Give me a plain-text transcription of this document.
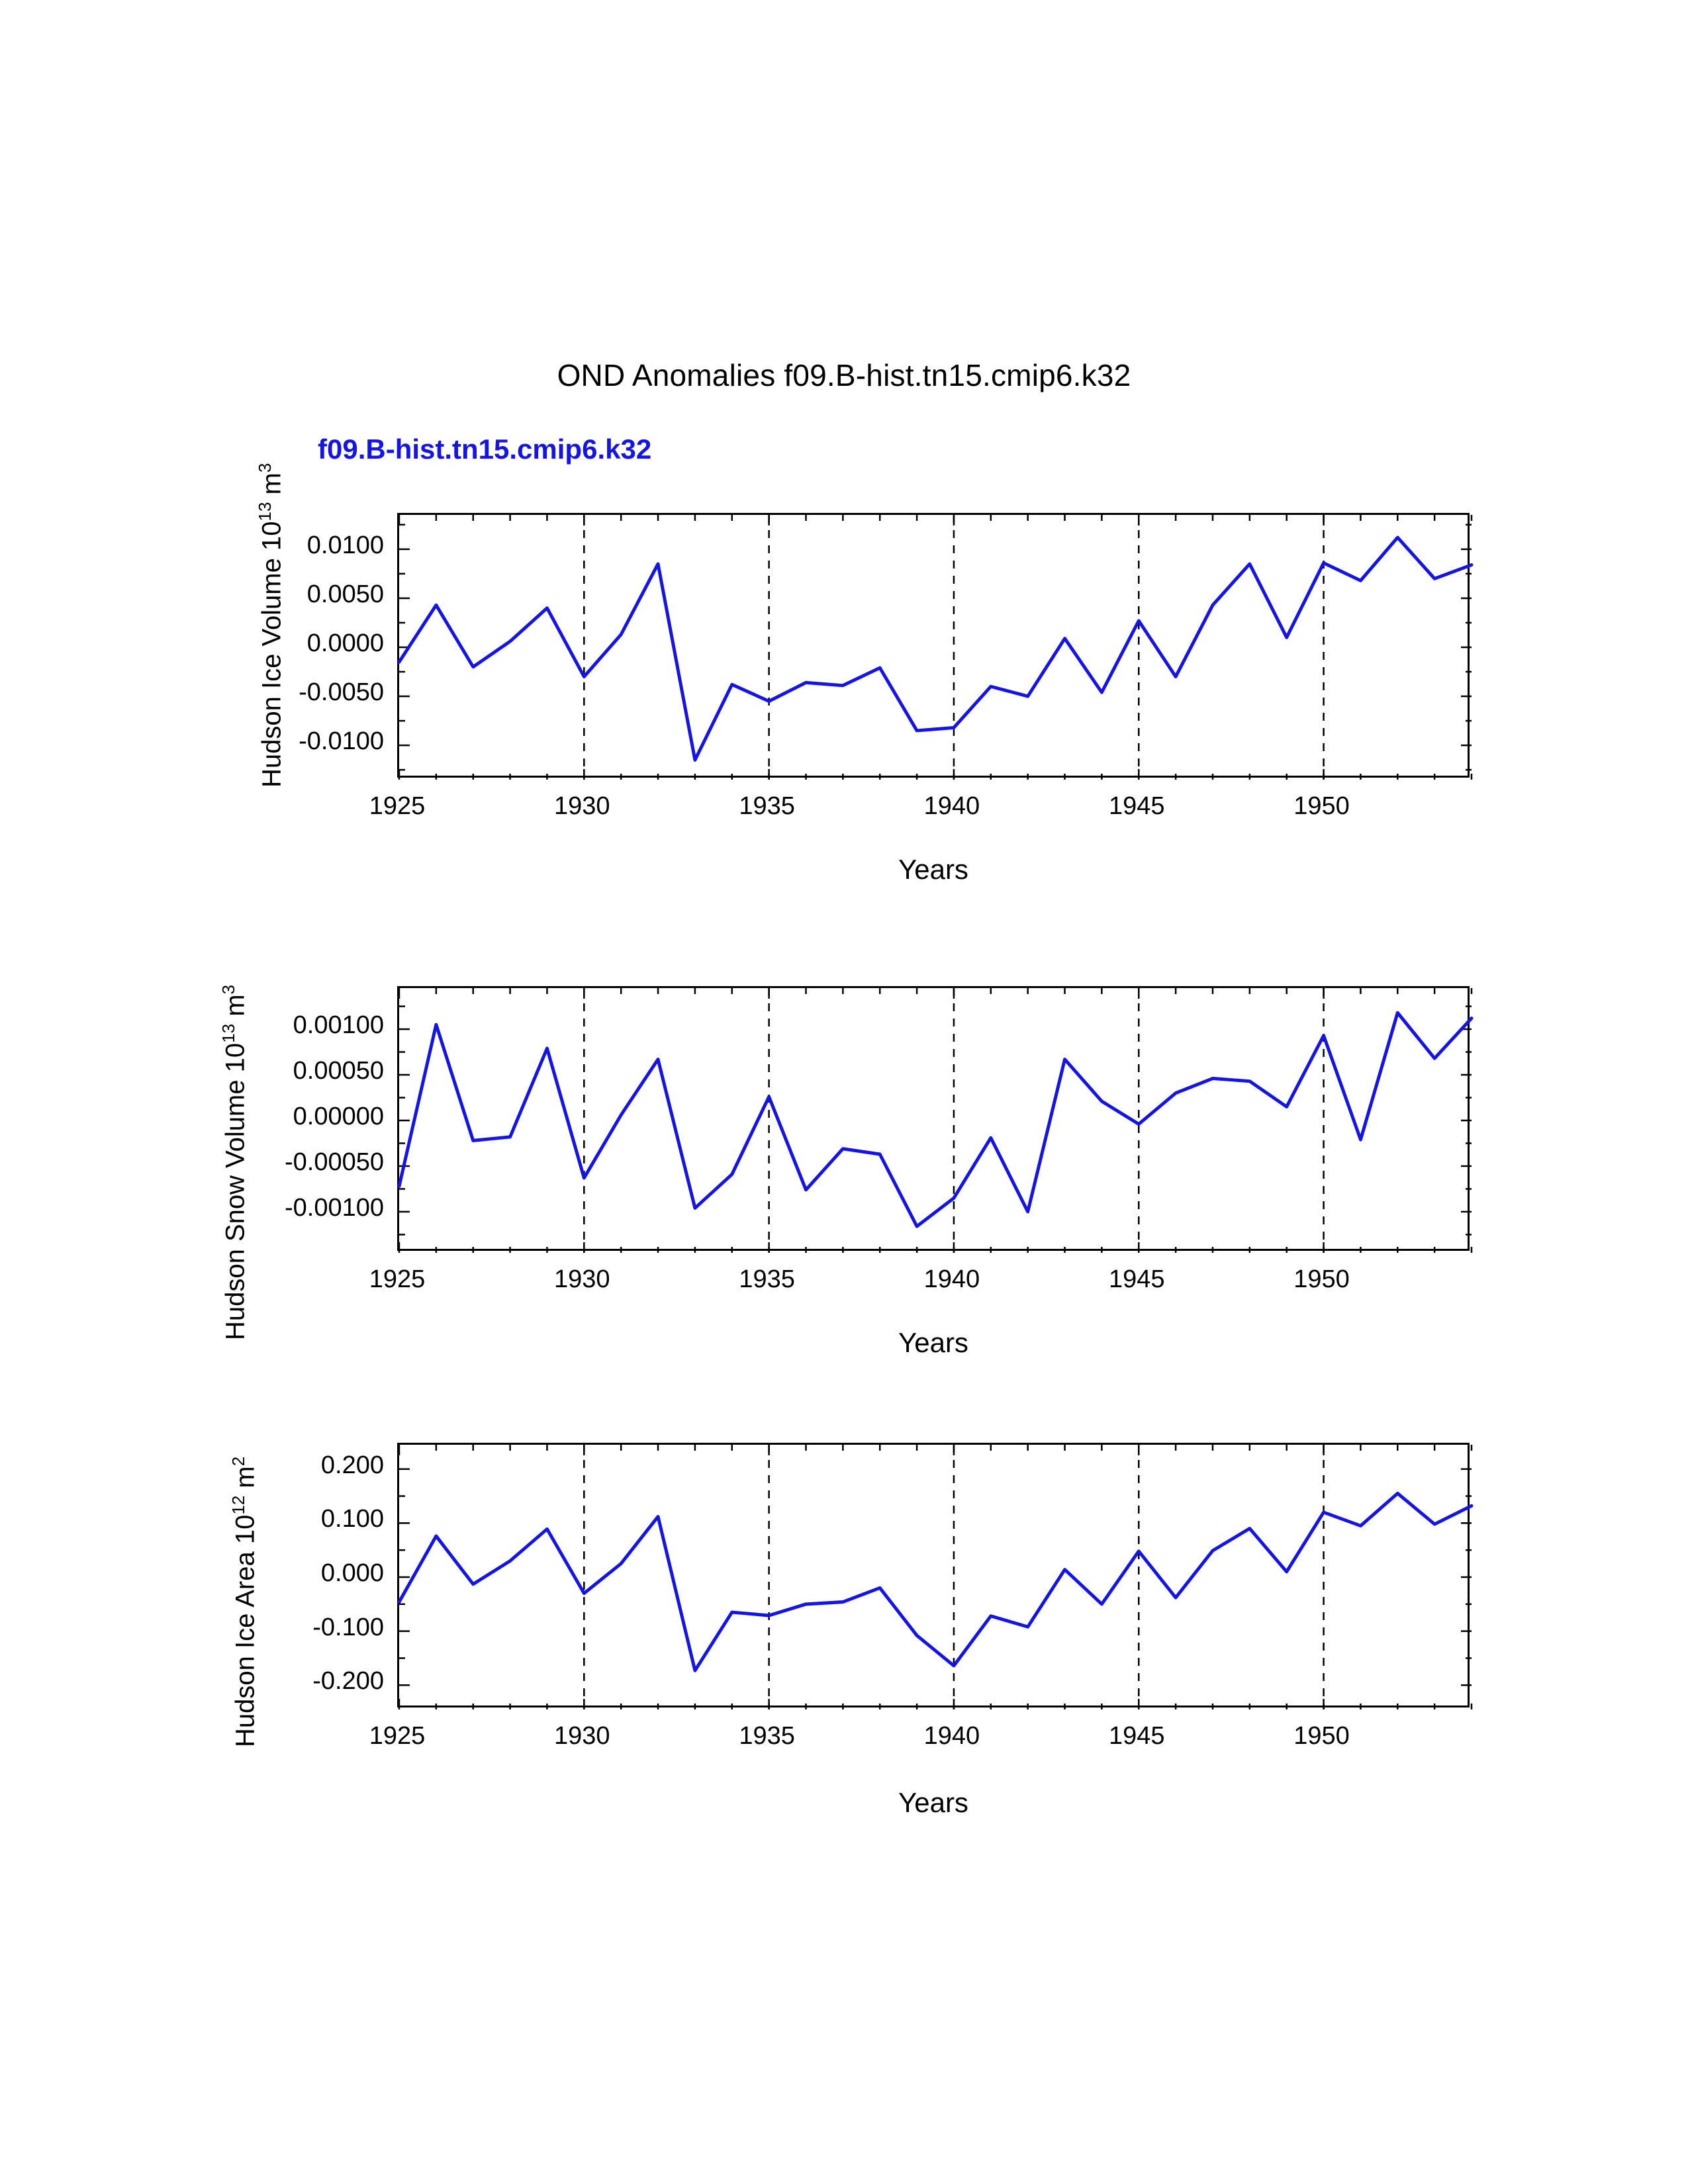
OND Anomalies f09.B-hist.tn15.cmip6.k32
f09.B-hist.tn15.cmip6.k32
Hudson Ice Volume $10^{13}$ $m^3$
Years
Hudson Snow Volume $10^{13}$ $m^3$
Years
Hudson Ice Area $10^{12}$ $m^2$
Years
-0.0100
-0.0050
0.0000
0.0050
0.0100
1925	1930	1935	1940	1945	1950
-0.00100
-0.00050
0.00000
0.00050
0.00100
1925	1930	1935	1940	1945	1950
-0.200
-0.100
0.000
0.100
0.200
1925	1930	1935	1940	1945	1950
